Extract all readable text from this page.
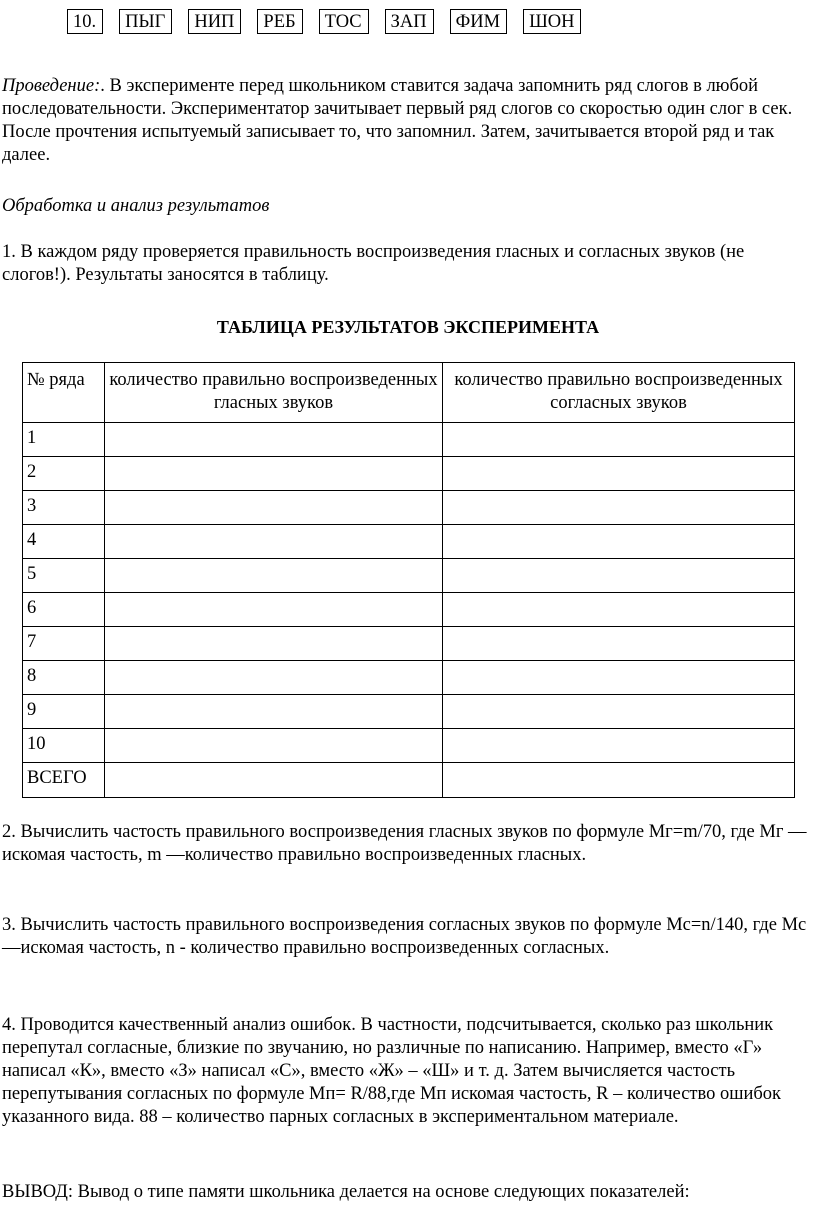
10.	ПЫГ	НИП	РЕБ	ТОС	ЗАП	ФИМ	ШОН

Проведение:. В эксперименте перед школьником ставится задача запомнить ряд слогов в любой последовательности. Экспериментатор зачитывает первый ряд слогов со скоростью один слог в сек. После прочтения испытуемый записывает то, что запомнил. Затем, зачитывается второй ряд и так далее.

Обработка и анализ результатов
1. В каждом ряду проверяется правильность воспроизведения гласных и согласных звуков (не слогов!). Результаты заносятся в таблицу.
ТАБЛИЦА РЕЗУЛЬТАТОВ ЭКСПЕРИМЕНТА
№ ряда	количество правильно воспроизведенных гласных звуков	количество правильно воспроизведенных согласных звуков
1		
2		
3		
4		
5		
6		
7		
8		
9		
10		
ВСЕГО		
2. Вычислить частость правильного воспроизведения гласных звуков по формуле Мг=m/70, где Мг — искомая частость, m —количество правильно воспроизведенных гласных.
3. Вычислить частость правильного воспроизведения согласных звуков по формуле Мс=n/140, где Мс—искомая частость, n - количество правильно воспроизведенных согласных.
4. Проводится качественный анализ ошибок. В частности, подсчитывается, сколько раз школьник перепутал согласные, близкие по звучанию, но различные по написанию. Например, вместо «Г» написал «К», вместо «З» написал «С», вместо «Ж» – «Ш» и т. д. Затем вычисляется частость перепутывания согласных по формуле Мп= R/88,где Мп искомая частость, R – количество ошибок указанного вида. 88 – количество парных согласных в экспериментальном материале.
ВЫВОД: Вывод о типе памяти школьника делается на основе следующих показателей:
